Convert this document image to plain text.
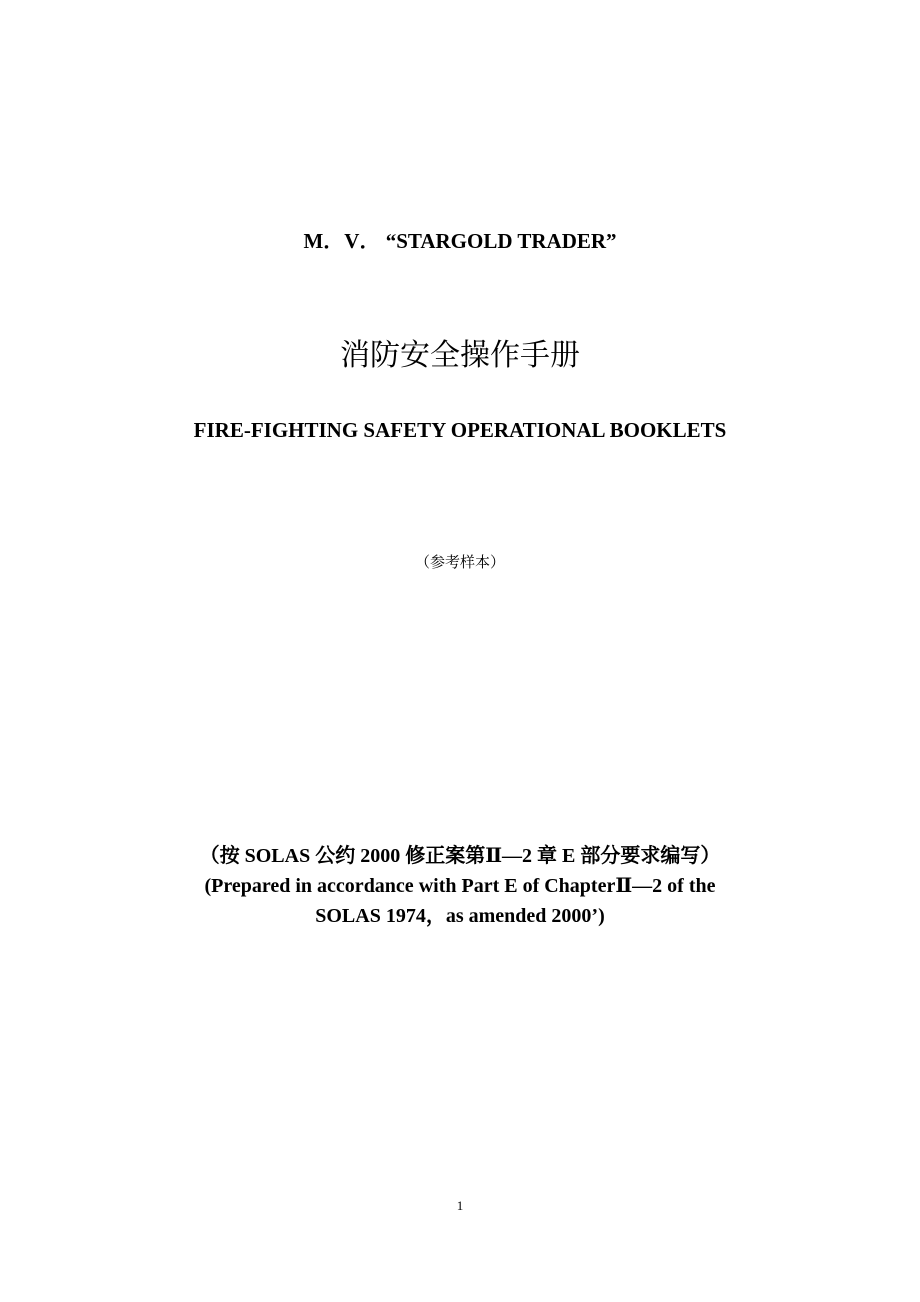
M．V． “STARGOLD TRADER”
消防安全操作手册
FIRE-FIGHTING SAFETY OPERATIONAL BOOKLETS
（参考样本）
（按 SOLAS 公约 2000 修正案第Ⅱ—2 章 E 部分要求编写）
(Prepared in accordance with Part E of ChapterⅡ—2 of the
SOLAS 1974，as amended 2000’)
1
